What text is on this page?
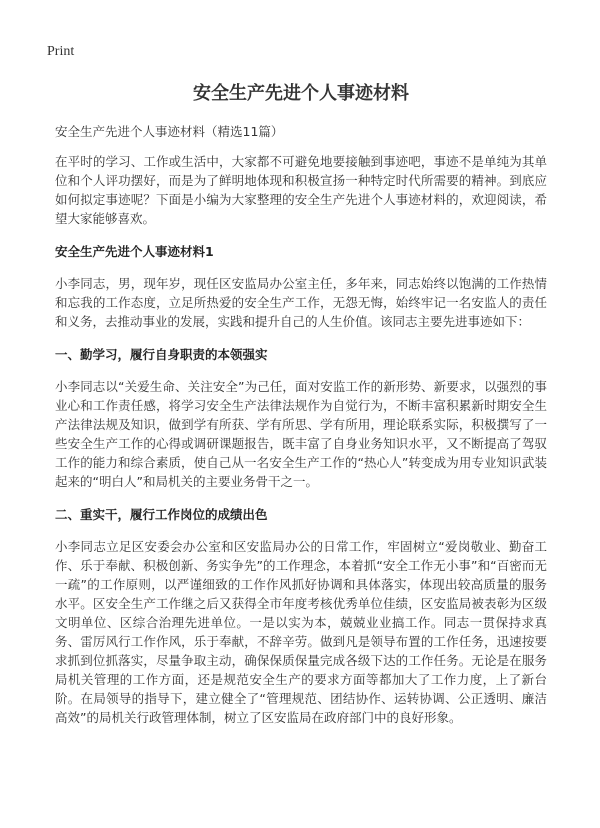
Print
安全生产先进个人事迹材料
安全生产先进个人事迹材料（精选11篇）

在平时的学习、工作或生活中，大家都不可避免地要接触到事迹吧，事迹不是单纯为其单位和个人评功摆好，而是为了鲜明地体现和积极宣扬一种特定时代所需要的精神。到底应如何拟定事迹呢？下面是小编为大家整理的安全生产先进个人事迹材料的，欢迎阅读，希望大家能够喜欢。

安全生产先进个人事迹材料1

小李同志，男，现年岁，现任区安监局办公室主任，多年来，同志始终以饱满的工作热情和忘我的工作态度，立足所热爱的安全生产工作，无怨无悔，始终牢记一名安监人的责任和义务，去推动事业的发展，实践和提升自己的人生价值。该同志主要先进事迹如下：

一、勤学习，履行自身职责的本领强实

小李同志以“关爱生命、关注安全”为己任，面对安监工作的新形势、新要求，以强烈的事业心和工作责任感，将学习安全生产法律法规作为自觉行为，不断丰富积累新时期安全生产法律法规及知识，做到学有所获、学有所思、学有所用，理论联系实际，积极撰写了一些安全生产工作的心得或调研课题报告，既丰富了自身业务知识水平，又不断提高了驾驭工作的能力和综合素质，使自己从一名安全生产工作的“热心人”转变成为用专业知识武装起来的“明白人”和局机关的主要业务骨干之一。

二、重实干，履行工作岗位的成绩出色

小李同志立足区安委会办公室和区安监局办公的日常工作，牢固树立“爱岗敬业、勤奋工作、乐于奉献、积极创新、务实争先”的工作理念，本着抓“安全工作无小事”和“百密而无一疏”的工作原则，以严谨细致的工作作风抓好协调和具体落实，体现出较高质量的服务水平。区安全生产工作继之后又获得全市年度考核优秀单位佳绩，区安监局被表彰为区级文明单位、区综合治理先进单位。一是以实为本，兢兢业业搞工作。同志一贯保持求真务、雷厉风行工作作风，乐于奉献，不辞辛劳。做到凡是领导布置的工作任务，迅速按要求抓到位抓落实，尽量争取主动，确保保质保量完成各级下达的工作任务。无论是在服务局机关管理的工作方面，还是规范安全生产的要求方面等都加大了工作力度，上了新台阶。在局领导的指导下，建立健全了“管理规范、团结协作、运转协调、公正透明、廉洁高效”的局机关行政管理体制，树立了区安监局在政府部门中的良好形象。
